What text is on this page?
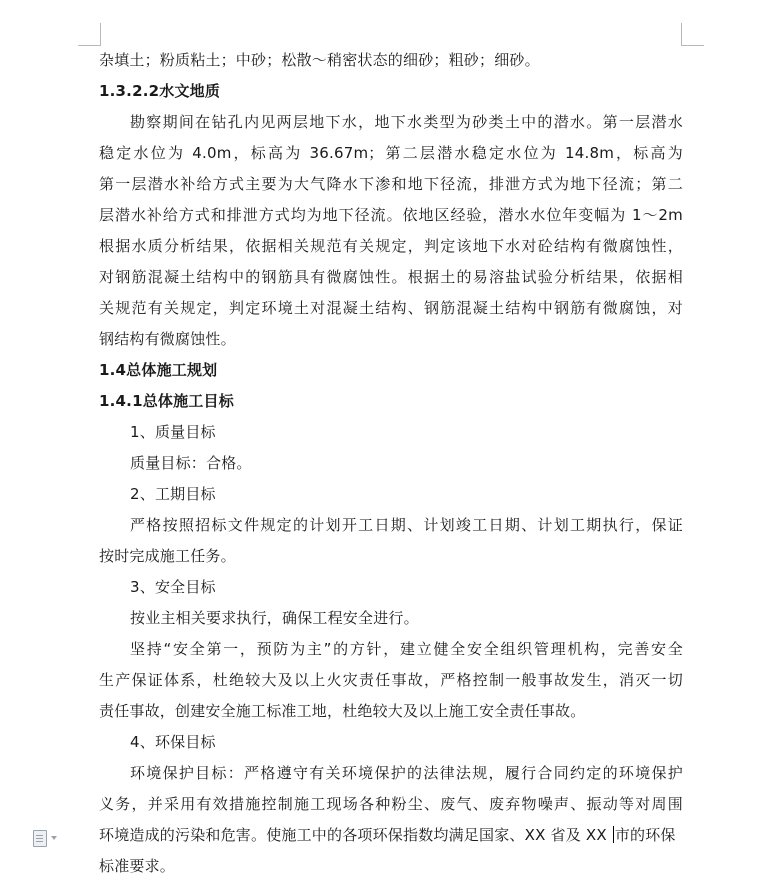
杂填土；粉质粘土；中砂；松散～稍密状态的细砂；粗砂；细砂。
1.3.2.2水文地质
勘察期间在钻孔内见两层地下水，地下水类型为砂类土中的潜水。第一层潜水
稳定水位为 4.0m，标高为 36.67m；第二层潜水稳定水位为 14.8m，标高为
第一层潜水补给方式主要为大气降水下渗和地下径流，排泄方式为地下径流；第二
层潜水补给方式和排泄方式均为地下径流。依地区经验，潜水水位年变幅为 1～2m
根据水质分析结果，依据相关规范有关规定，判定该地下水对砼结构有微腐蚀性，
对钢筋混凝土结构中的钢筋具有微腐蚀性。根据土的易溶盐试验分析结果，依据相
关规范有关规定，判定环境土对混凝土结构、钢筋混凝土结构中钢筋有微腐蚀，对
钢结构有微腐蚀性。
1.4总体施工规划
1.4.1总体施工目标
1、质量目标
质量目标：合格。
2、工期目标
严格按照招标文件规定的计划开工日期、计划竣工日期、计划工期执行，保证
按时完成施工任务。
3、安全目标
按业主相关要求执行，确保工程安全进行。
坚持“安全第一，预防为主”的方针，建立健全安全组织管理机构，完善安全
生产保证体系，杜绝较大及以上火灾责任事故，严格控制一般事故发生，消灭一切
责任事故，创建安全施工标准工地，杜绝较大及以上施工安全责任事故。
4、环保目标
环境保护目标：严格遵守有关环境保护的法律法规，履行合同约定的环境保护
义务，并采用有效措施控制施工现场各种粉尘、废气、废弃物噪声、振动等对周围
环境造成的污染和危害。使施工中的各项环保指数均满足国家、XX 省及 XX 市的环保
标准要求。
